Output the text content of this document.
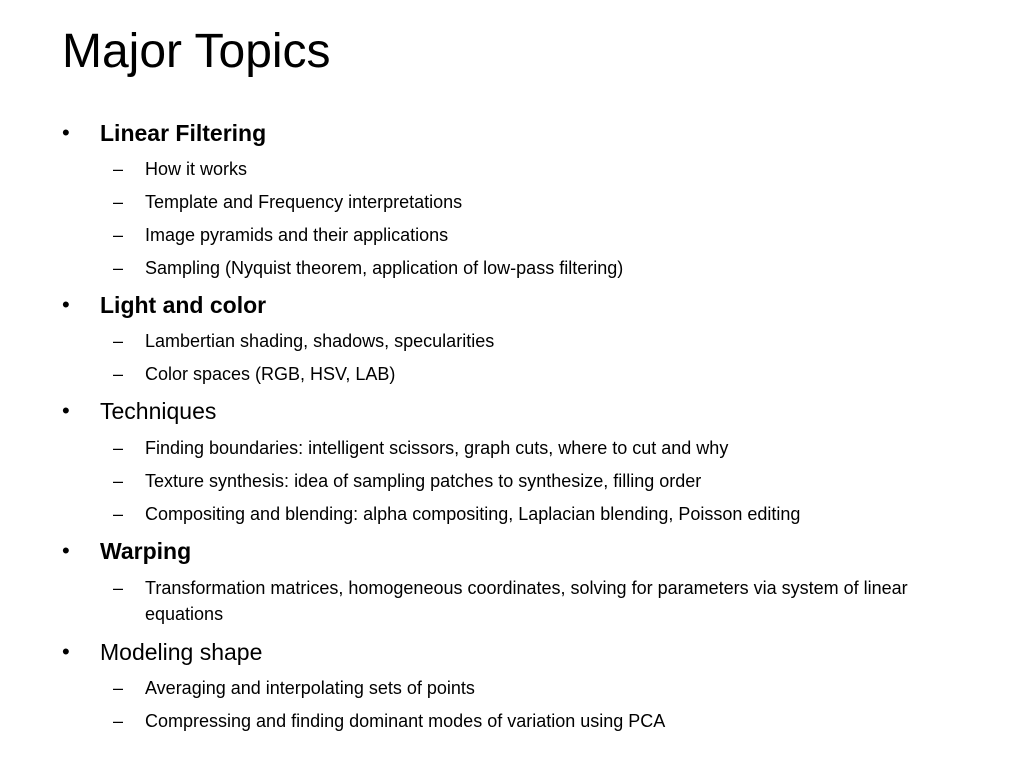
Major Topics
• Linear Filtering
– How it works
– Template and Frequency interpretations
– Image pyramids and their applications
– Sampling (Nyquist theorem, application of low-pass filtering)
• Light and color
– Lambertian shading, shadows, specularities
– Color spaces (RGB, HSV, LAB)
• Techniques
– Finding boundaries: intelligent scissors, graph cuts, where to cut and why
– Texture synthesis: idea of sampling patches to synthesize, filling order
– Compositing and blending: alpha compositing, Laplacian blending, Poisson editing
• Warping
– Transformation matrices, homogeneous coordinates, solving for parameters via system of linear equations
• Modeling shape
– Averaging and interpolating sets of points
– Compressing and finding dominant modes of variation using PCA
